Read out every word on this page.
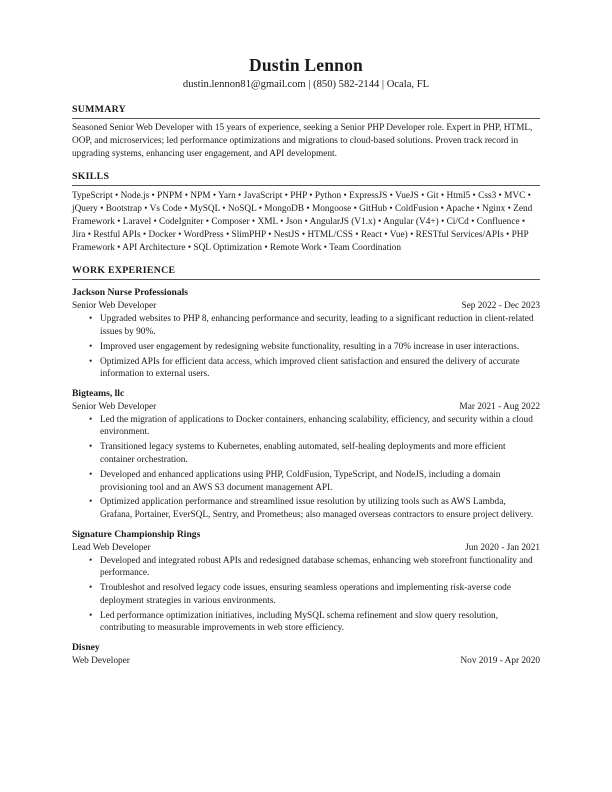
Dustin Lennon
dustin.lennon81@gmail.com | (850) 582-2144 | Ocala, FL
SUMMARY
Seasoned Senior Web Developer with 15 years of experience, seeking a Senior PHP Developer role. Expert in PHP, HTML, OOP, and microservices; led performance optimizations and migrations to cloud-based solutions. Proven track record in upgrading systems, enhancing user engagement, and API development.
SKILLS
TypeScript • Node.js • PNPM • NPM • Yarn • JavaScript • PHP • Python • ExpressJS • VueJS • Git • Html5 • Css3 • MVC • jQuery • Bootstrap • Vs Code • MySQL • NoSQL • MongoDB • Mongoose • GitHub • ColdFusion • Apache • Nginx • Zend Framework • Laravel • CodeIgniter • Composer • XML • Json • AngularJS (V1.x) • Angular (V4+) • Ci/Cd • Confluence • Jira • Restful APIs • Docker • WordPress • SlimPHP • NestJS • HTML/CSS • React • Vue) • RESTful Services/APIs • PHP Framework • API Architecture • SQL Optimization • Remote Work • Team Coordination
WORK EXPERIENCE
Jackson Nurse Professionals
Senior Web Developer	Sep 2022 - Dec 2023
• Upgraded websites to PHP 8, enhancing performance and security, leading to a significant reduction in client-related issues by 90%.
• Improved user engagement by redesigning website functionality, resulting in a 70% increase in user interactions.
• Optimized APIs for efficient data access, which improved client satisfaction and ensured the delivery of accurate information to external users.
Bigteams, llc
Senior Web Developer	Mar 2021 - Aug 2022
• Led the migration of applications to Docker containers, enhancing scalability, efficiency, and security within a cloud environment.
• Transitioned legacy systems to Kubernetes, enabling automated, self-healing deployments and more efficient container orchestration.
• Developed and enhanced applications using PHP, ColdFusion, TypeScript, and NodeJS, including a domain provisioning tool and an AWS S3 document management API.
• Optimized application performance and streamlined issue resolution by utilizing tools such as AWS Lambda, Grafana, Portainer, EverSQL, Sentry, and Prometheus; also managed overseas contractors to ensure project delivery.
Signature Championship Rings
Lead Web Developer	Jun 2020 - Jan 2021
• Developed and integrated robust APIs and redesigned database schemas, enhancing web storefront functionality and performance.
• Troubleshot and resolved legacy code issues, ensuring seamless operations and implementing risk-averse code deployment strategies in various environments.
• Led performance optimization initiatives, including MySQL schema refinement and slow query resolution, contributing to measurable improvements in web store efficiency.
Disney
Web Developer	Nov 2019 - Apr 2020
